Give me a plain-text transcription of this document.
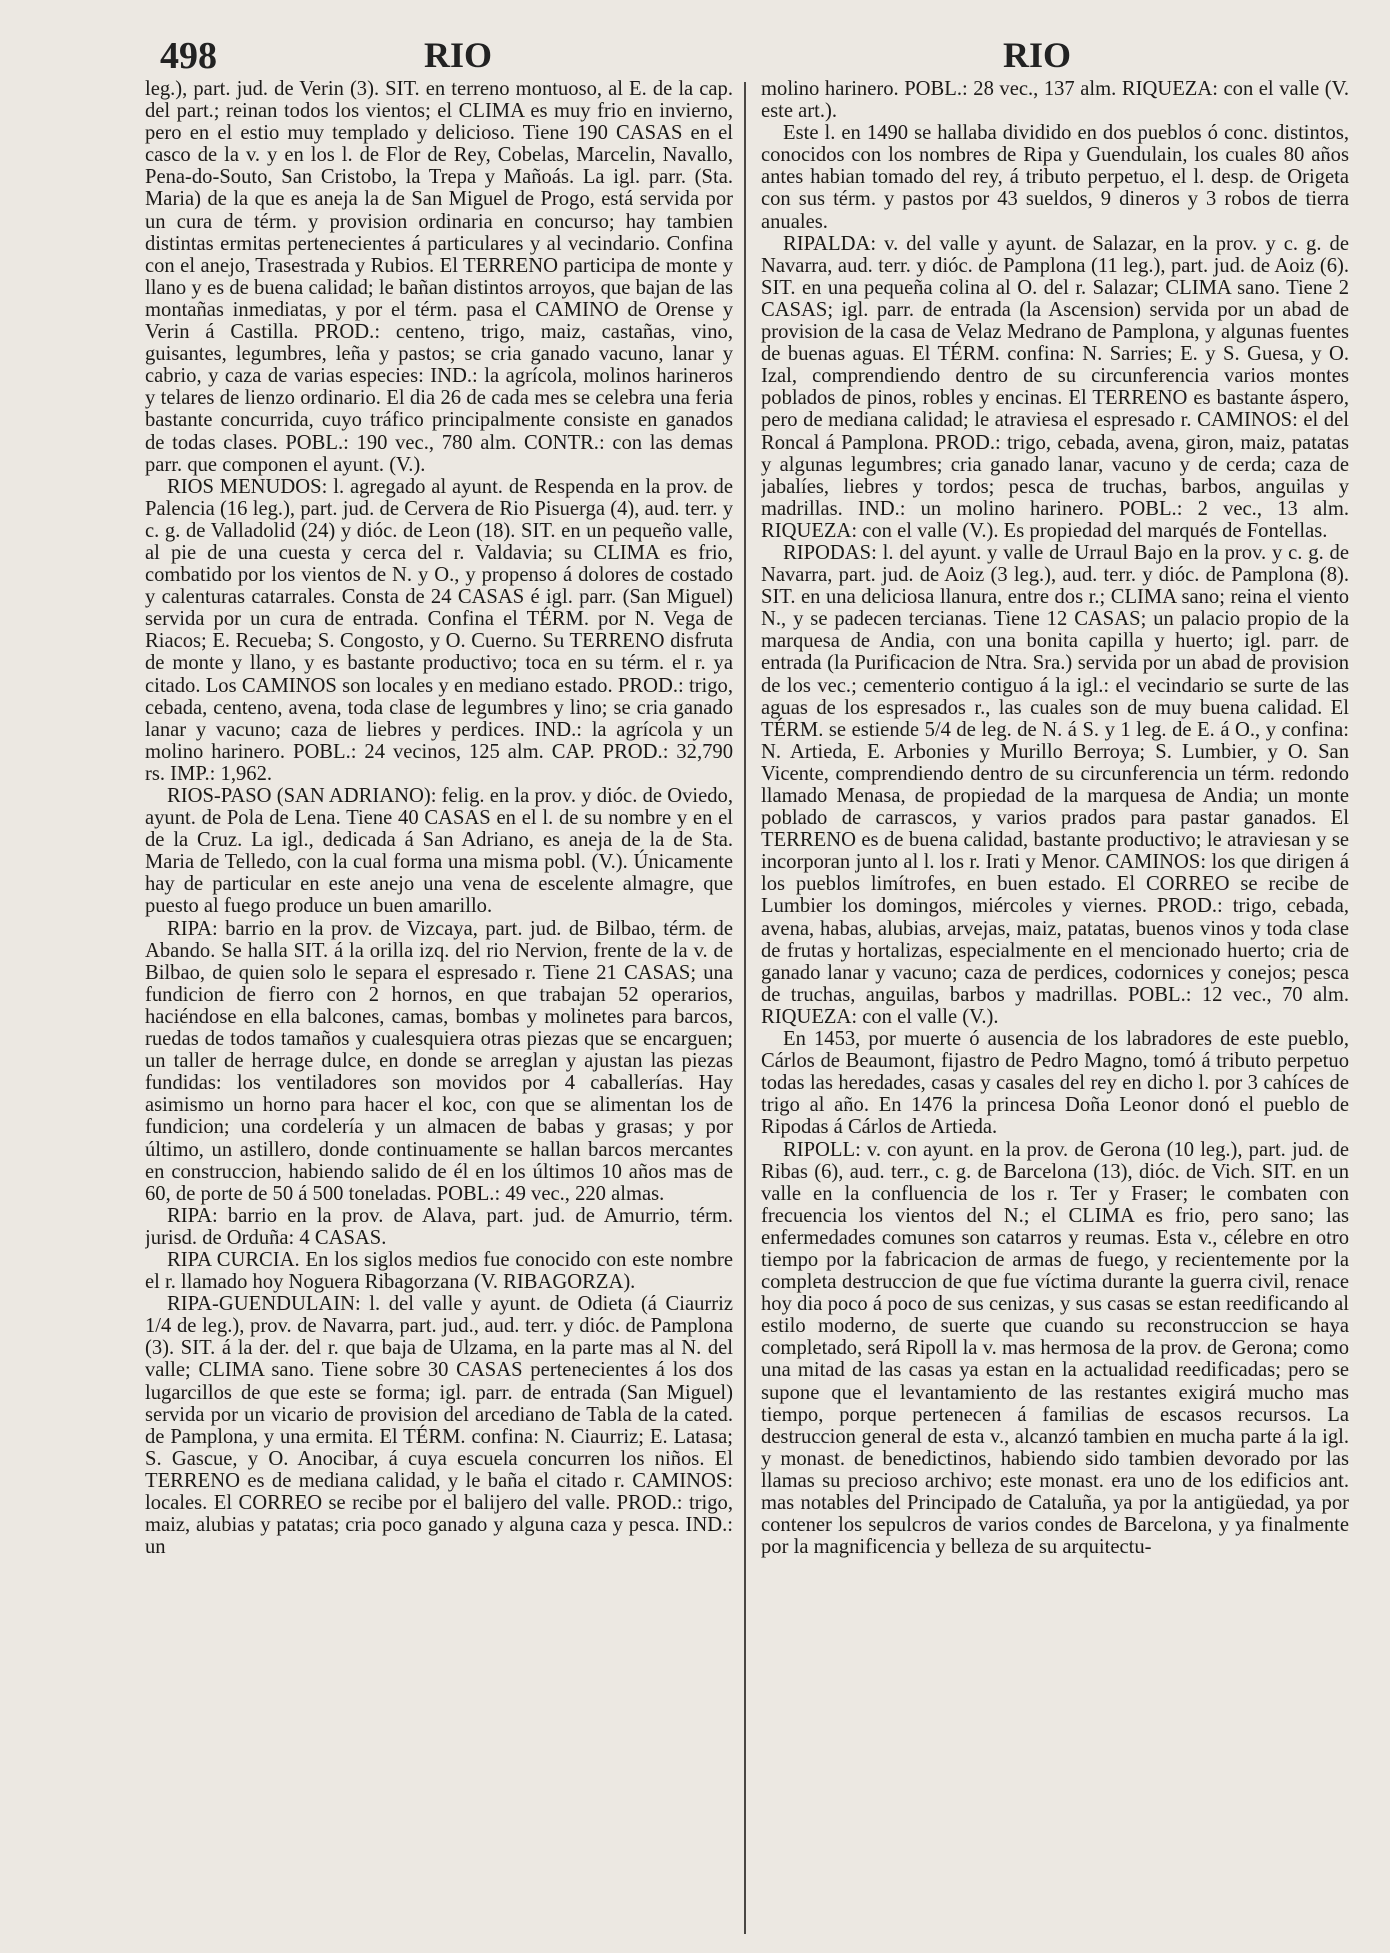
498	RIO	RIO

leg.), part. jud. de Verin (3). SIT. en terreno montuoso, al E. de la cap. del part.; reinan todos los vientos; el CLIMA es muy frio en invierno, pero en el estio muy templado y delicioso. Tiene 190 CASAS en el casco de la v. y en los l. de Flor de Rey, Cobelas, Marcelin, Navallo, Pena-do-Souto, San Cristobo, la Trepa y Mañoás. La igl. parr. (Sta. Maria) de la que es aneja la de San Miguel de Progo, está servida por un cura de térm. y provision ordinaria en concurso; hay tambien distintas ermitas pertenecientes á particulares y al vecindario. Confina con el anejo, Trasestrada y Rubios. El TERRENO participa de monte y llano y es de buena calidad; le bañan distintos arroyos, que bajan de las montañas inmediatas, y por el térm. pasa el CAMINO de Orense y Verin á Castilla. PROD.: centeno, trigo, maiz, castañas, vino, guisantes, legumbres, leña y pastos; se cria ganado vacuno, lanar y cabrio, y caza de varias especies: IND.: la agrícola, molinos harineros y telares de lienzo ordinario. El dia 26 de cada mes se celebra una feria bastante concurrida, cuyo tráfico principalmente consiste en ganados de todas clases. POBL.: 190 vec., 780 alm. CONTR.: con las demas parr. que componen el ayunt. (V.).

RIOS MENUDOS: l. agregado al ayunt. de Respenda en la prov. de Palencia (16 leg.), part. jud. de Cervera de Rio Pisuerga (4), aud. terr. y c. g. de Valladolid (24) y dióc. de Leon (18). SIT. en un pequeño valle, al pie de una cuesta y cerca del r. Valdavia; su CLIMA es frio, combatido por los vientos de N. y O., y propenso á dolores de costado y calenturas catarrales. Consta de 24 CASAS é igl. parr. (San Miguel) servida por un cura de entrada. Confina el TÉRM. por N. Vega de Riacos; E. Recueba; S. Congosto, y O. Cuerno. Su TERRENO disfruta de monte y llano, y es bastante productivo; toca en su térm. el r. ya citado. Los CAMINOS son locales y en mediano estado. PROD.: trigo, cebada, centeno, avena, toda clase de legumbres y lino; se cria ganado lanar y vacuno; caza de liebres y perdices. IND.: la agrícola y un molino harinero. POBL.: 24 vecinos, 125 alm. CAP. PROD.: 32,790 rs. IMP.: 1,962.

RIOS-PASO (SAN ADRIANO): felig. en la prov. y dióc. de Oviedo, ayunt. de Pola de Lena. Tiene 40 CASAS en el l. de su nombre y en el de la Cruz. La igl., dedicada á San Adriano, es aneja de la de Sta. Maria de Telledo, con la cual forma una misma pobl. (V.). Únicamente hay de particular en este anejo una vena de escelente almagre, que puesto al fuego produce un buen amarillo.

RIPA: barrio en la prov. de Vizcaya, part. jud. de Bilbao, térm. de Abando. Se halla SIT. á la orilla izq. del rio Nervion, frente de la v. de Bilbao, de quien solo le separa el espresado r. Tiene 21 CASAS; una fundicion de fierro con 2 hornos, en que trabajan 52 operarios, haciéndose en ella balcones, camas, bombas y molinetes para barcos, ruedas de todos tamaños y cualesquiera otras piezas que se encarguen; un taller de herrage dulce, en donde se arreglan y ajustan las piezas fundidas: los ventiladores son movidos por 4 caballerías. Hay asimismo un horno para hacer el koc, con que se alimentan los de fundicion; una cordelería y un almacen de babas y grasas; y por último, un astillero, donde continuamente se hallan barcos mercantes en construccion, habiendo salido de él en los últimos 10 años mas de 60, de porte de 50 á 500 toneladas. POBL.: 49 vec., 220 almas.

RIPA: barrio en la prov. de Alava, part. jud. de Amurrio, térm. jurisd. de Orduña: 4 CASAS.

RIPA CURCIA. En los siglos medios fue conocido con este nombre el r. llamado hoy Noguera Ribagorzana (V. RIBAGORZA).

RIPA-GUENDULAIN: l. del valle y ayunt. de Odieta (á Ciaurriz 1/4 de leg.), prov. de Navarra, part. jud., aud. terr. y dióc. de Pamplona (3). SIT. á la der. del r. que baja de Ulzama, en la parte mas al N. del valle; CLIMA sano. Tiene sobre 30 CASAS pertenecientes á los dos lugarcillos de que este se forma; igl. parr. de entrada (San Miguel) servida por un vicario de provision del arcediano de Tabla de la cated. de Pamplona, y una ermita. El TÉRM. confina: N. Ciaurriz; E. Latasa; S. Gascue, y O. Anocibar, á cuya escuela concurren los niños. El TERRENO es de mediana calidad, y le baña el citado r. CAMINOS: locales. El CORREO se recibe por el balijero del valle. PROD.: trigo, maiz, alubias y patatas; cria poco ganado y alguna caza y pesca. IND.: un

molino harinero. POBL.: 28 vec., 137 alm. RIQUEZA: con el valle (V. este art.).

Este l. en 1490 se hallaba dividido en dos pueblos ó conc. distintos, conocidos con los nombres de Ripa y Guendulain, los cuales 80 años antes habian tomado del rey, á tributo perpetuo, el l. desp. de Origeta con sus térm. y pastos por 43 sueldos, 9 dineros y 3 robos de tierra anuales.

RIPALDA: v. del valle y ayunt. de Salazar, en la prov. y c. g. de Navarra, aud. terr. y dióc. de Pamplona (11 leg.), part. jud. de Aoiz (6). SIT. en una pequeña colina al O. del r. Salazar; CLIMA sano. Tiene 2 CASAS; igl. parr. de entrada (la Ascension) servida por un abad de provision de la casa de Velaz Medrano de Pamplona, y algunas fuentes de buenas aguas. El TÉRM. confina: N. Sarries; E. y S. Guesa, y O. Izal, comprendiendo dentro de su circunferencia varios montes poblados de pinos, robles y encinas. El TERRENO es bastante áspero, pero de mediana calidad; le atraviesa el espresado r. CAMINOS: el del Roncal á Pamplona. PROD.: trigo, cebada, avena, giron, maiz, patatas y algunas legumbres; cria ganado lanar, vacuno y de cerda; caza de jabalíes, liebres y tordos; pesca de truchas, barbos, anguilas y madrillas. IND.: un molino harinero. POBL.: 2 vec., 13 alm. RIQUEZA: con el valle (V.). Es propiedad del marqués de Fontellas.

RIPODAS: l. del ayunt. y valle de Urraul Bajo en la prov. y c. g. de Navarra, part. jud. de Aoiz (3 leg.), aud. terr. y dióc. de Pamplona (8). SIT. en una deliciosa llanura, entre dos r.; CLIMA sano; reina el viento N., y se padecen tercianas. Tiene 12 CASAS; un palacio propio de la marquesa de Andia, con una bonita capilla y huerto; igl. parr. de entrada (la Purificacion de Ntra. Sra.) servida por un abad de provision de los vec.; cementerio contiguo á la igl.: el vecindario se surte de las aguas de los espresados r., las cuales son de muy buena calidad. El TÉRM. se estiende 5/4 de leg. de N. á S. y 1 leg. de E. á O., y confina: N. Artieda, E. Arbonies y Murillo Berroya; S. Lumbier, y O. San Vicente, comprendiendo dentro de su circunferencia un térm. redondo llamado Menasa, de propiedad de la marquesa de Andia; un monte poblado de carrascos, y varios prados para pastar ganados. El TERRENO es de buena calidad, bastante productivo; le atraviesan y se incorporan junto al l. los r. Irati y Menor. CAMINOS: los que dirigen á los pueblos limítrofes, en buen estado. El CORREO se recibe de Lumbier los domingos, miércoles y viernes. PROD.: trigo, cebada, avena, habas, alubias, arvejas, maiz, patatas, buenos vinos y toda clase de frutas y hortalizas, especialmente en el mencionado huerto; cria de ganado lanar y vacuno; caza de perdices, codornices y conejos; pesca de truchas, anguilas, barbos y madrillas. POBL.: 12 vec., 70 alm. RIQUEZA: con el valle (V.).

En 1453, por muerte ó ausencia de los labradores de este pueblo, Cárlos de Beaumont, fijastro de Pedro Magno, tomó á tributo perpetuo todas las heredades, casas y casales del rey en dicho l. por 3 cahíces de trigo al año. En 1476 la princesa Doña Leonor donó el pueblo de Ripodas á Cárlos de Artieda.

RIPOLL: v. con ayunt. en la prov. de Gerona (10 leg.), part. jud. de Ribas (6), aud. terr., c. g. de Barcelona (13), dióc. de Vich. SIT. en un valle en la confluencia de los r. Ter y Fraser; le combaten con frecuencia los vientos del N.; el CLIMA es frio, pero sano; las enfermedades comunes son catarros y reumas. Esta v., célebre en otro tiempo por la fabricacion de armas de fuego, y recientemente por la completa destruccion de que fue víctima durante la guerra civil, renace hoy dia poco á poco de sus cenizas, y sus casas se estan reedificando al estilo moderno, de suerte que cuando su reconstruccion se haya completado, será Ripoll la v. mas hermosa de la prov. de Gerona; como una mitad de las casas ya estan en la actualidad reedificadas; pero se supone que el levantamiento de las restantes exigirá mucho mas tiempo, porque pertenecen á familias de escasos recursos. La destruccion general de esta v., alcanzó tambien en mucha parte á la igl. y monast. de benedictinos, habiendo sido tambien devorado por las llamas su precioso archivo; este monast. era uno de los edificios ant. mas notables del Principado de Cataluña, ya por la antigüedad, ya por contener los sepulcros de varios condes de Barcelona, y ya finalmente por la magnificencia y belleza de su arquitectu-
